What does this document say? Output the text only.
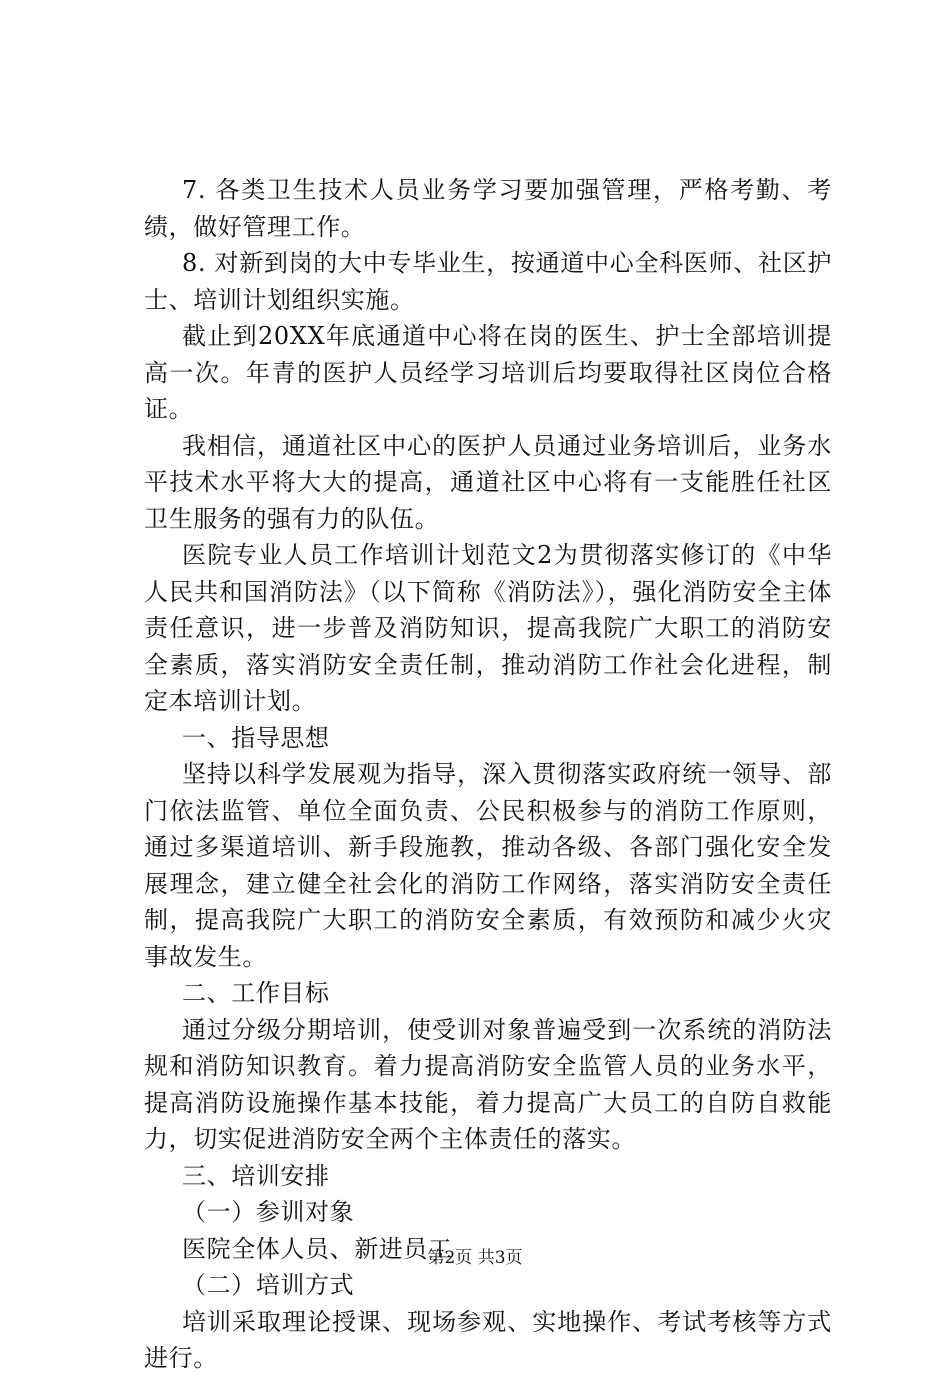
7. 各类卫生技术人员业务学习要加强管理，严格考勤、考绩，做好管理工作。

8. 对新到岗的大中专毕业生，按通道中心全科医师、社区护士、培训计划组织实施。

截止到20XX年底通道中心将在岗的医生、护士全部培训提高一次。年青的医护人员经学习培训后均要取得社区岗位合格证。

我相信，通道社区中心的医护人员通过业务培训后，业务水平技术水平将大大的提高，通道社区中心将有一支能胜任社区卫生服务的强有力的队伍。

医院专业人员工作培训计划范文2为贯彻落实修订的《中华人民共和国消防法》（以下简称《消防法》），强化消防安全主体责任意识，进一步普及消防知识，提高我院广大职工的消防安全素质，落实消防安全责任制，推动消防工作社会化进程，制定本培训计划。

一、指导思想

坚持以科学发展观为指导，深入贯彻落实政府统一领导、部门依法监管、单位全面负责、公民积极参与的消防工作原则，通过多渠道培训、新手段施教，推动各级、各部门强化安全发展理念，建立健全社会化的消防工作网络，落实消防安全责任制，提高我院广大职工的消防安全素质，有效预防和减少火灾事故发生。

二、工作目标

通过分级分期培训，使受训对象普遍受到一次系统的消防法规和消防知识教育。着力提高消防安全监管人员的业务水平，提高消防设施操作基本技能，着力提高广大员工的自防自救能力，切实促进消防安全两个主体责任的落实。

三、培训安排

（一）参训对象

医院全体人员、新进员工

（二）培训方式

培训采取理论授课、现场参观、实地操作、考试考核等方式进行。

第2页 共3页
